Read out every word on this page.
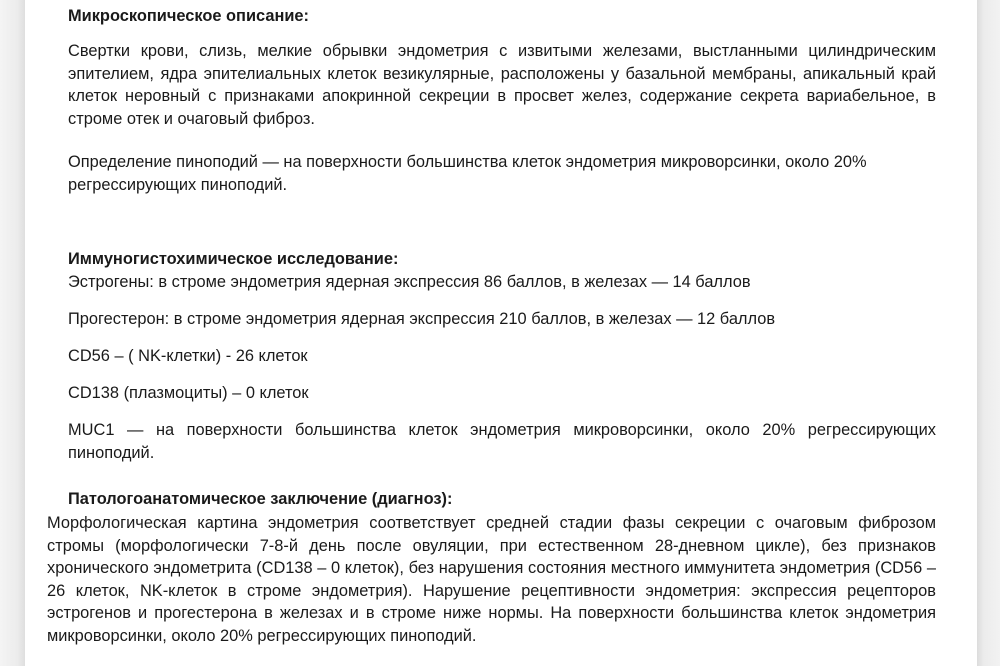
Микроскопическое описание:

Свертки крови, слизь, мелкие обрывки эндометрия с извитыми железами, выстланными цилиндрическим эпителием, ядра эпителиальных клеток везикулярные, расположены у базальной мембраны, апикальный край клеток неровный с признаками апокринной секреции в просвет желез, содержание секрета вариабельное, в строме отек и очаговый фиброз.

Определение пиноподий — на поверхности большинства клеток эндометрия микроворсинки, около 20% регрессирующих пиноподий.

Иммуногистохимическое исследование:

Эстрогены: в строме эндометрия ядерная экспрессия 86 баллов, в железах — 14 баллов

Прогестерон: в строме эндометрия ядерная экспрессия 210 баллов, в железах — 12 баллов

CD56 – ( NK-клетки) - 26 клеток

CD138 (плазмоциты) – 0 клеток

MUC1 — на поверхности большинства клеток эндометрия микроворсинки, около 20% регрессирующих пиноподий.

Патологоанатомическое заключение (диагноз):

Морфологическая картина эндометрия соответствует средней стадии фазы секреции с очаговым фиброзом стромы (морфологически 7-8-й день после овуляции, при естественном 28-дневном цикле), без признаков хронического эндометрита (CD138 – 0 клеток), без нарушения состояния местного иммунитета эндометрия (CD56 – 26 клеток, NK-клеток в строме эндометрия). Нарушение рецептивности эндометрия: экспрессия рецепторов эстрогенов и прогестерона в железах и в строме ниже нормы. На поверхности большинства клеток эндометрия микроворсинки, около 20% регрессирующих пиноподий.
